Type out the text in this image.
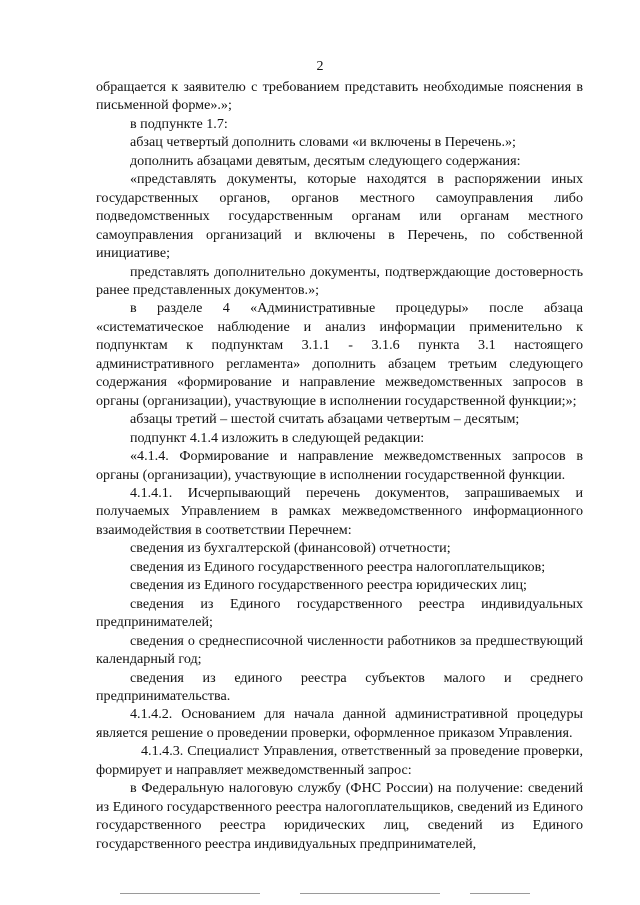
2

обращается к заявителю с требованием представить необходимые пояснения в письменной форме».»;

в подпункте 1.7:

абзац четвертый дополнить словами «и включены в Перечень.»;

дополнить абзацами девятым, десятым следующего содержания:

«представлять документы, которые находятся в распоряжении иных государственных органов, органов местного самоуправления либо подведомственных государственным органам или органам местного самоуправления организаций и включены в Перечень, по собственной инициативе;

представлять дополнительно документы, подтверждающие достоверность ранее представленных документов.»;

в разделе 4 «Административные процедуры» после абзаца «систематическое наблюдение и анализ информации применительно к подпунктам к подпунктам 3.1.1 - 3.1.6 пункта 3.1 настоящего административного регламента» дополнить абзацем третьим следующего содержания «формирование и направление межведомственных запросов в органы (организации), участвующие в исполнении государственной функции;»;

абзацы третий – шестой считать абзацами четвертым – десятым;

подпункт 4.1.4 изложить в следующей редакции:

«4.1.4. Формирование и направление межведомственных запросов в органы (организации), участвующие в исполнении государственной функции.

4.1.4.1. Исчерпывающий перечень документов, запрашиваемых и получаемых Управлением в рамках межведомственного информационного взаимодействия в соответствии Перечнем:

сведения из бухгалтерской (финансовой) отчетности;

сведения из Единого государственного реестра налогоплательщиков;

сведения из Единого государственного реестра юридических лиц;

сведения из Единого государственного реестра индивидуальных предпринимателей;

сведения о среднесписочной численности работников за предшествующий календарный год;

сведения из единого реестра субъектов малого и среднего предпринимательства.

4.1.4.2. Основанием для начала данной административной процедуры является решение о проведении проверки, оформленное приказом Управления.

4.1.4.3. Специалист Управления, ответственный за проведение проверки, формирует и направляет межведомственный запрос:

в Федеральную налоговую службу (ФНС России) на получение: сведений из Единого государственного реестра налогоплательщиков, сведений из Единого государственного реестра юридических лиц, сведений из Единого государственного реестра индивидуальных предпринимателей,
